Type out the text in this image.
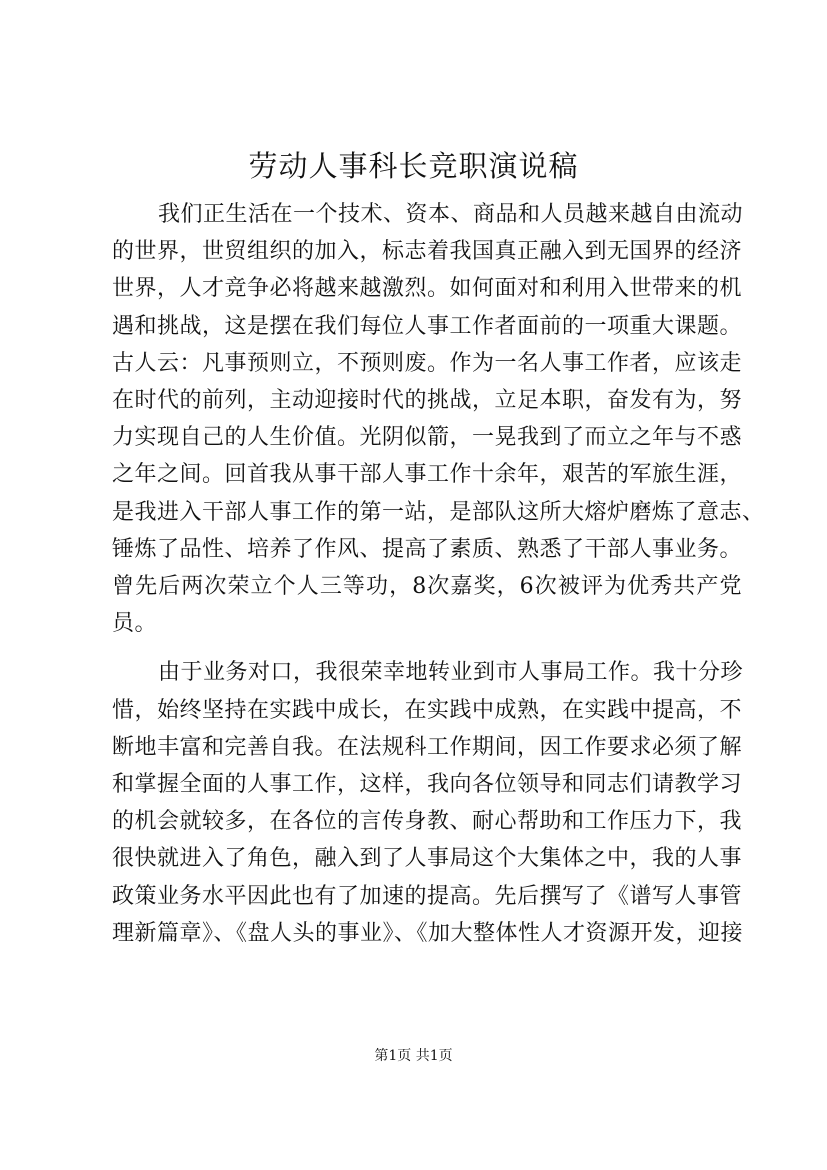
劳动人事科长竞职演说稿

我们正生活在一个技术、资本、商品和人员越来越自由流动
的世界，世贸组织的加入，标志着我国真正融入到无国界的经济
世界，人才竞争必将越来越激烈。如何面对和利用入世带来的机
遇和挑战，这是摆在我们每位人事工作者面前的一项重大课题。
古人云：凡事预则立，不预则废。作为一名人事工作者，应该走
在时代的前列，主动迎接时代的挑战，立足本职，奋发有为，努
力实现自己的人生价值。光阴似箭，一晃我到了而立之年与不惑
之年之间。回首我从事干部人事工作十余年，艰苦的军旅生涯，
是我进入干部人事工作的第一站，是部队这所大熔炉磨炼了意志、
锤炼了品性、培养了作风、提高了素质、熟悉了干部人事业务。
曾先后两次荣立个人三等功，8次嘉奖，6次被评为优秀共产党
员。

由于业务对口，我很荣幸地转业到市人事局工作。我十分珍
惜，始终坚持在实践中成长，在实践中成熟，在实践中提高，不
断地丰富和完善自我。在法规科工作期间，因工作要求必须了解
和掌握全面的人事工作，这样，我向各位领导和同志们请教学习
的机会就较多，在各位的言传身教、耐心帮助和工作压力下，我
很快就进入了角色，融入到了人事局这个大集体之中，我的人事
政策业务水平因此也有了加速的提高。先后撰写了《谱写人事管
理新篇章》、《盘人头的事业》、《加大整体性人才资源开发，迎接

第1页 共1页
